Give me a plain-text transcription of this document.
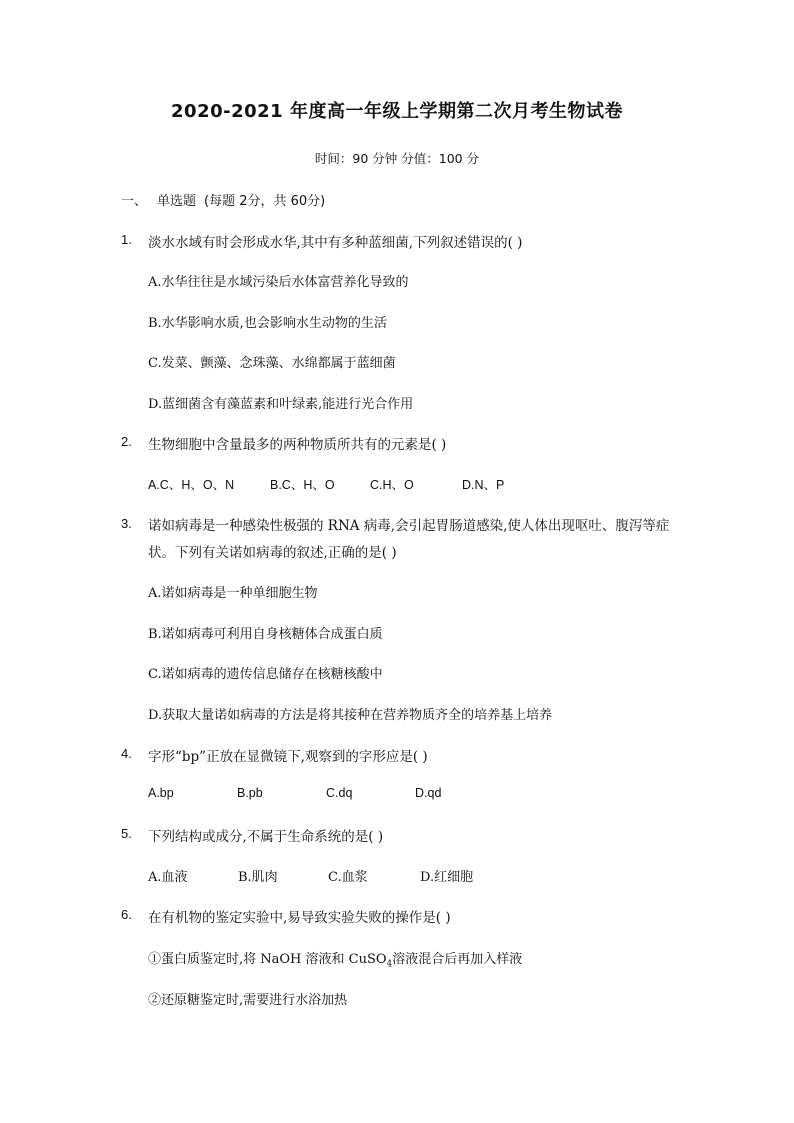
2020-2021 年度高一年级上学期第二次月考生物试卷
时间：90 分钟 分值：100 分
一、 单选题 (每题 2分，共 60分)
1. 淡水水域有时会形成水华,其中有多种蓝细菌,下列叙述错误的( )
A.水华往往是水域污染后水体富营养化导致的
B.水华影响水质,也会影响水生动物的生活
C.发菜、颤藻、念珠藻、水绵都属于蓝细菌
D.蓝细菌含有藻蓝素和叶绿素,能进行光合作用
2. 生物细胞中含量最多的两种物质所共有的元素是( )
A.C、H、O、N	B.C、H、O	C.H、O	D.N、P
3. 诺如病毒是一种感染性极强的 RNA 病毒,会引起胃肠道感染,使人体出现呕吐、腹泻等症
状。下列有关诺如病毒的叙述,正确的是( )
A.诺如病毒是一种单细胞生物
B.诺如病毒可利用自身核糖体合成蛋白质
C.诺如病毒的遗传信息储存在核糖核酸中
D.获取大量诺如病毒的方法是将其接种在营养物质齐全的培养基上培养
4. 字形“bp”正放在显微镜下,观察到的字形应是( )
A.bp	B.pb	C.dq	D.qd
5. 下列结构或成分,不属于生命系统的是( )
A.血液	B.肌肉	C.血浆	D.红细胞
6. 在有机物的鉴定实验中,易导致实验失败的操作是( )
①蛋白质鉴定时,将 NaOH 溶液和 CuSO$_4$溶液混合后再加入样液
②还原糖鉴定时,需要进行水浴加热
